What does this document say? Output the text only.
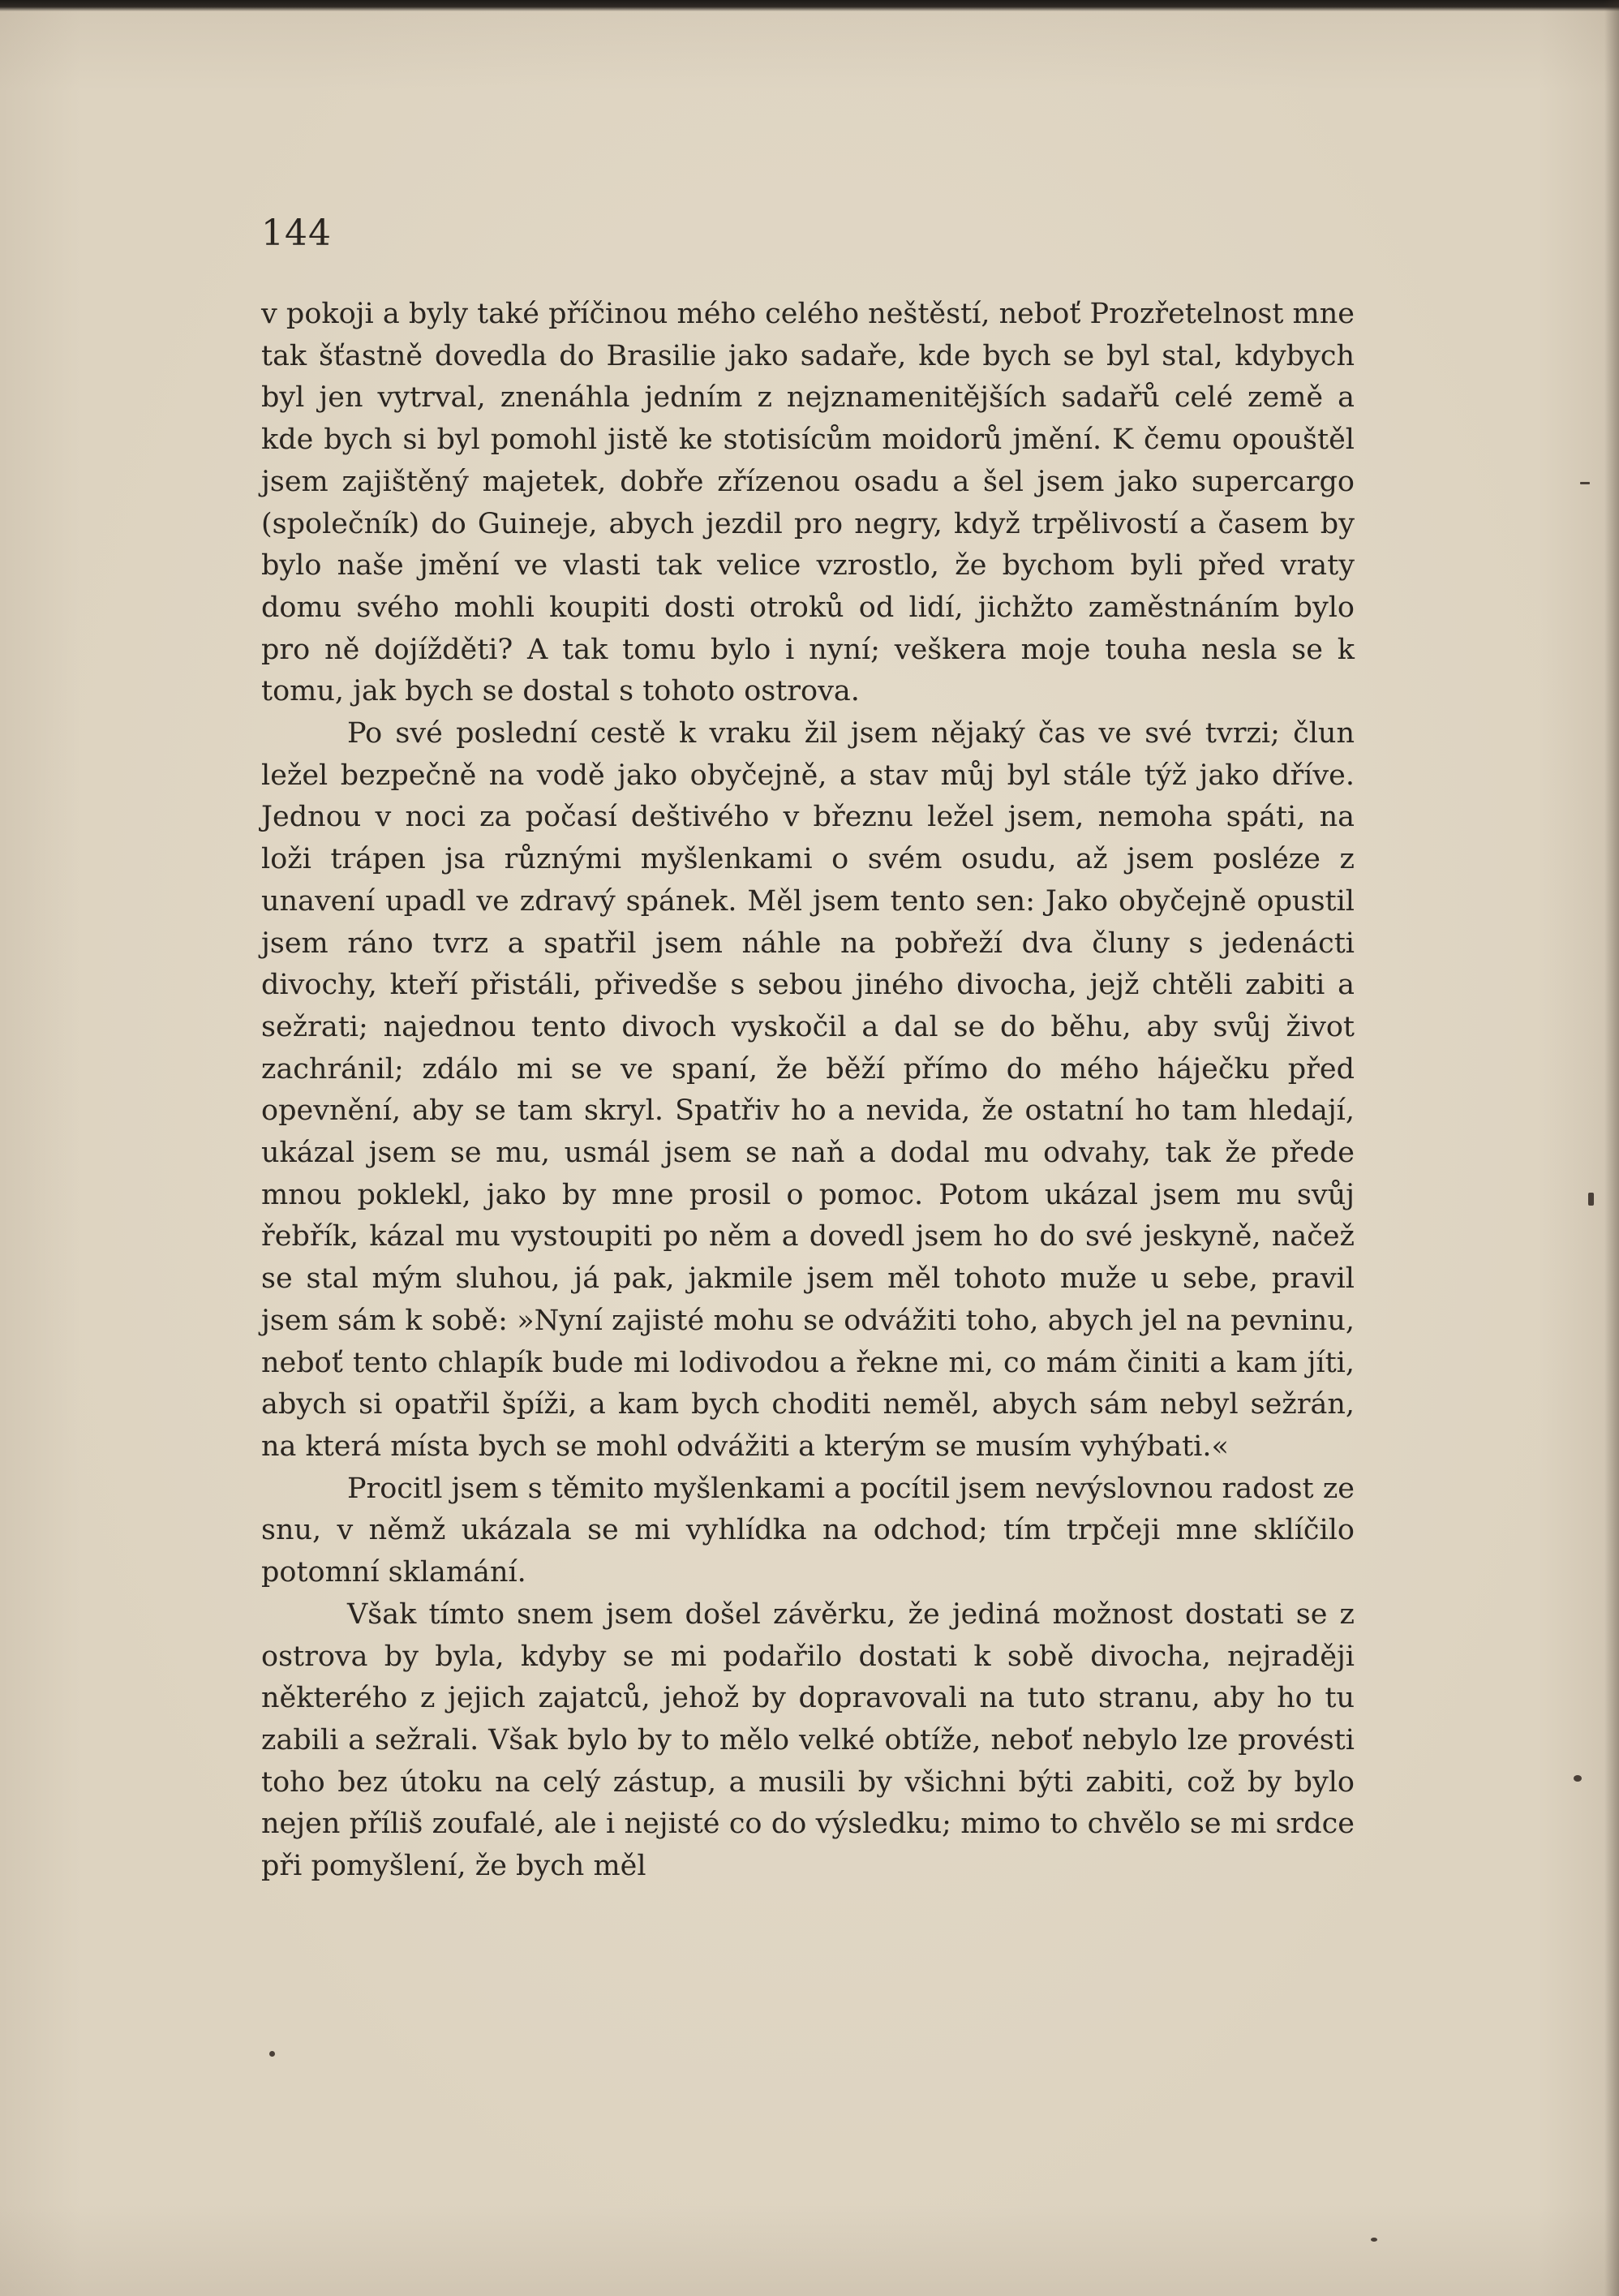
144

v pokoji a byly také příčinou mého celého neštěstí, neboť Prozřetelnost mne tak šťastně dovedla do Brasilie jako sadaře, kde bych se byl stal, kdybych byl jen vytrval, znenáhla jedním z nejznamenitějších sadařů celé země a kde bych si byl pomohl jistě ke stotisícům moidorů jmění. K čemu opouštěl jsem zajištěný majetek, dobře zřízenou osadu a šel jsem jako supercargo (společník) do Guineje, abych jezdil pro negry, když trpělivostí a časem by bylo naše jmění ve vlasti tak velice vzrostlo, že bychom byli před vraty domu svého mohli koupiti dosti otroků od lidí, jichžto zaměstnáním bylo pro ně dojížděti? A tak tomu bylo i nyní; veškera moje touha nesla se k tomu, jak bych se dostal s tohoto ostrova.

Po své poslední cestě k vraku žil jsem nějaký čas ve své tvrzi; člun ležel bezpečně na vodě jako obyčejně, a stav můj byl stále týž jako dříve. Jednou v noci za počasí deštivého v březnu ležel jsem, nemoha spáti, na loži trápen jsa různými myšlenkami o svém osudu, až jsem posléze z unavení upadl ve zdravý spánek. Měl jsem tento sen: Jako obyčejně opustil jsem ráno tvrz a spatřil jsem náhle na pobřeží dva čluny s jedenácti divochy, kteří přistáli, přivedše s sebou jiného divocha, jejž chtěli zabiti a sežrati; najednou tento divoch vyskočil a dal se do běhu, aby svůj život zachránil; zdálo mi se ve spaní, že běží přímo do mého háječku před opevnění, aby se tam skryl. Spatřiv ho a nevida, že ostatní ho tam hledají, ukázal jsem se mu, usmál jsem se naň a dodal mu odvahy, tak že přede mnou poklekl, jako by mne prosil o pomoc. Potom ukázal jsem mu svůj řebřík, kázal mu vystoupiti po něm a dovedl jsem ho do své jeskyně, načež se stal mým sluhou, já pak, jakmile jsem měl tohoto muže u sebe, pravil jsem sám k sobě: »Nyní zajisté mohu se odvážiti toho, abych jel na pevninu, neboť tento chlapík bude mi lodivodou a řekne mi, co mám činiti a kam jíti, abych si opatřil špíži, a kam bych choditi neměl, abych sám nebyl sežrán, na která místa bych se mohl odvážiti a kterým se musím vyhýbati.«

Procitl jsem s těmito myšlenkami a pocítil jsem nevýslovnou radost ze snu, v němž ukázala se mi vyhlídka na odchod; tím trpčeji mne sklíčilo potomní sklamání.

Však tímto snem jsem došel závěrku, že jediná možnost dostati se z ostrova by byla, kdyby se mi podařilo dostati k sobě divocha, nejraději některého z jejich zajatců, jehož by dopravovali na tuto stranu, aby ho tu zabili a sežrali. Však bylo by to mělo velké obtíže, neboť nebylo lze provésti toho bez útoku na celý zástup, a musili by všichni býti zabiti, což by bylo nejen příliš zoufalé, ale i nejisté co do výsledku; mimo to chvělo se mi srdce při pomyšlení, že bych měl
